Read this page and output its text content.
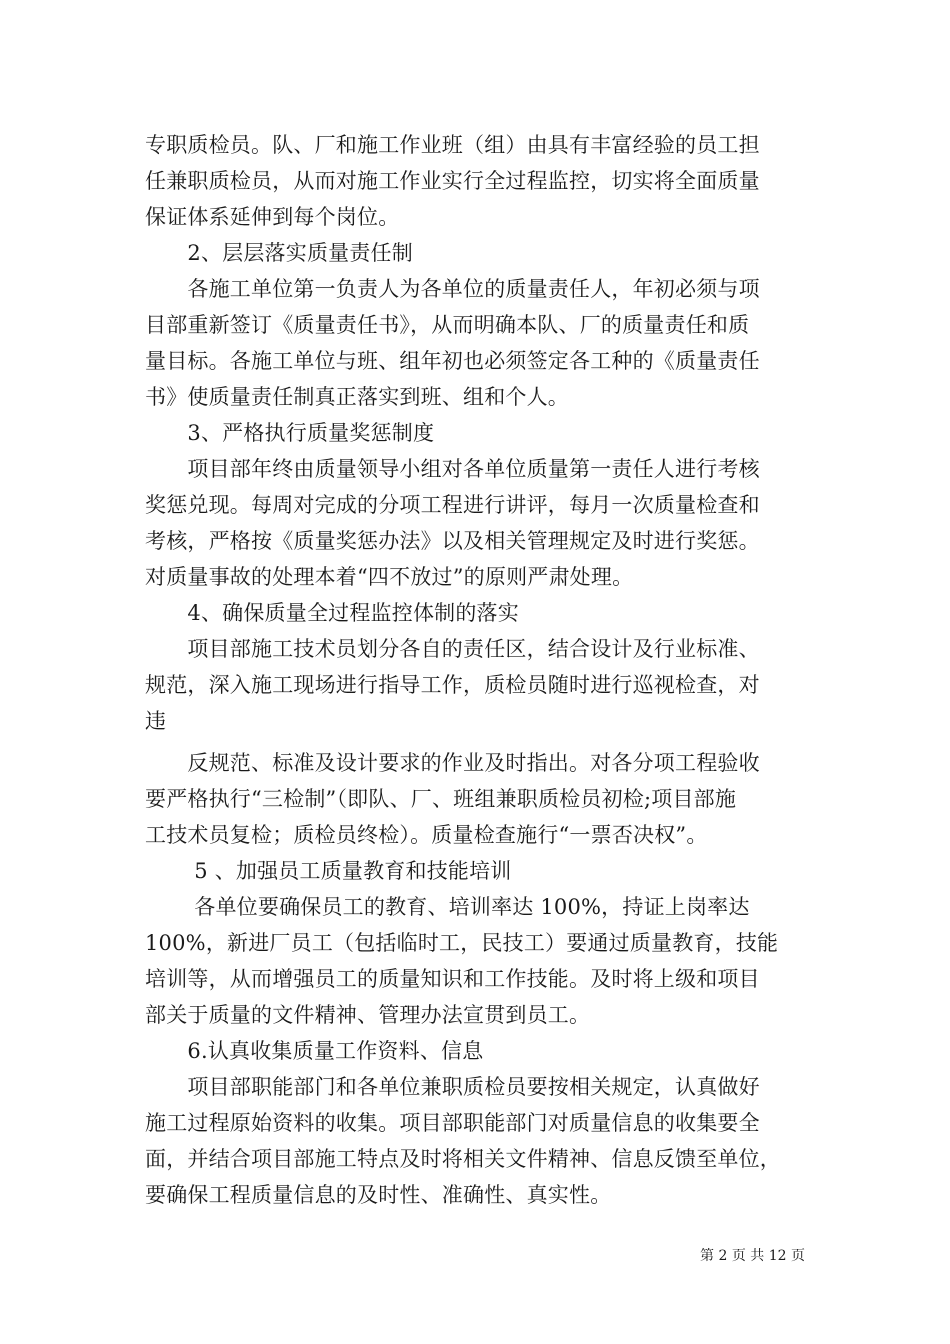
专职质检员。队、厂和施工作业班（组）由具有丰富经验的员工担
任兼职质检员，从而对施工作业实行全过程监控，切实将全面质量
保证体系延伸到每个岗位。
　　2、层层落实质量责任制
　　各施工单位第一负责人为各单位的质量责任人，年初必须与项
目部重新签订《质量责任书》，从而明确本队、厂的质量责任和质
量目标。各施工单位与班、组年初也必须签定各工种的《质量责任
书》使质量责任制真正落实到班、组和个人。
　　3、严格执行质量奖惩制度
　　项目部年终由质量领导小组对各单位质量第一责任人进行考核
奖惩兑现。每周对完成的分项工程进行讲评，每月一次质量检查和
考核，严格按《质量奖惩办法》以及相关管理规定及时进行奖惩。
对质量事故的处理本着“四不放过”的原则严肃处理。
　　4、确保质量全过程监控体制的落实
　　项目部施工技术员划分各自的责任区，结合设计及行业标准、
规范，深入施工现场进行指导工作，质检员随时进行巡视检查，对
违
　　反规范、标准及设计要求的作业及时指出。对各分项工程验收
要严格执行“三检制”（即队、厂、班组兼职质检员初检;项目部施
工技术员复检；质检员终检）。质量检查施行“一票否决权”。
　　 5 、加强员工质量教育和技能培训
　　 各单位要确保员工的教育、培训率达 100%，持证上岗率达
100%，新进厂员工（包括临时工，民技工）要通过质量教育，技能
培训等，从而增强员工的质量知识和工作技能。及时将上级和项目
部关于质量的文件精神、管理办法宣贯到员工。
　　6.认真收集质量工作资料、信息
　　项目部职能部门和各单位兼职质检员要按相关规定，认真做好
施工过程原始资料的收集。项目部职能部门对质量信息的收集要全
面，并结合项目部施工特点及时将相关文件精神、信息反馈至单位，
要确保工程质量信息的及时性、准确性、真实性。
第 2 页 共 12 页
